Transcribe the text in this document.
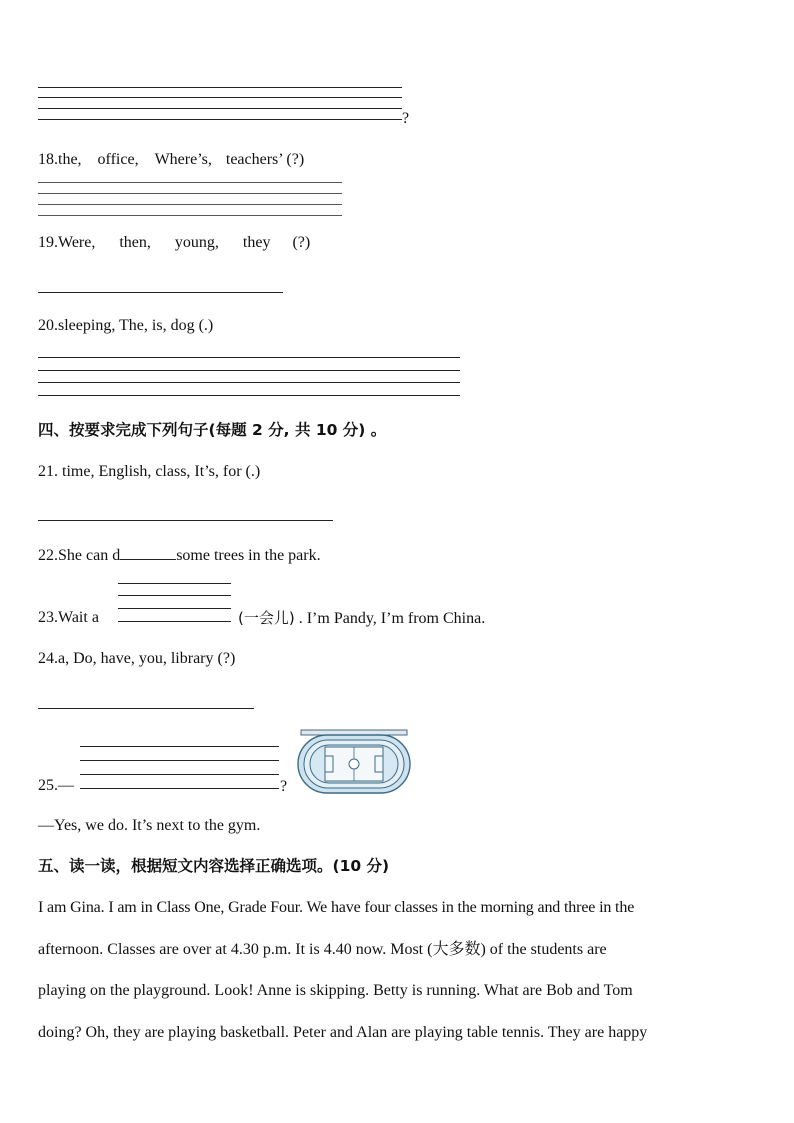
?
18.the, office, Where’s, teachers’ (?)
19.Were, then, young, they (?)
20.sleeping, The, is, dog (.)
四、按要求完成下列句子(每题 2 分, 共 10 分) 。
21. time, English, class, It’s, for (.)
22.She can d	some trees in the park.
23.Wait a	(一会儿) . I’m Pandy, I’m from China.
24.a, Do, have, you, library (?)
25.—	?
—Yes, we do. It’s next to the gym.
五、读一读，根据短文内容选择正确选项。(10 分)
I am Gina. I am in Class One, Grade Four. We have four classes in the morning and three in the
afternoon. Classes are over at 4.30 p.m. It is 4.40 now. Most (大多数) of the students are
playing on the playground. Look! Anne is skipping. Betty is running. What are Bob and Tom
doing? Oh, they are playing basketball. Peter and Alan are playing table tennis. They are happy
